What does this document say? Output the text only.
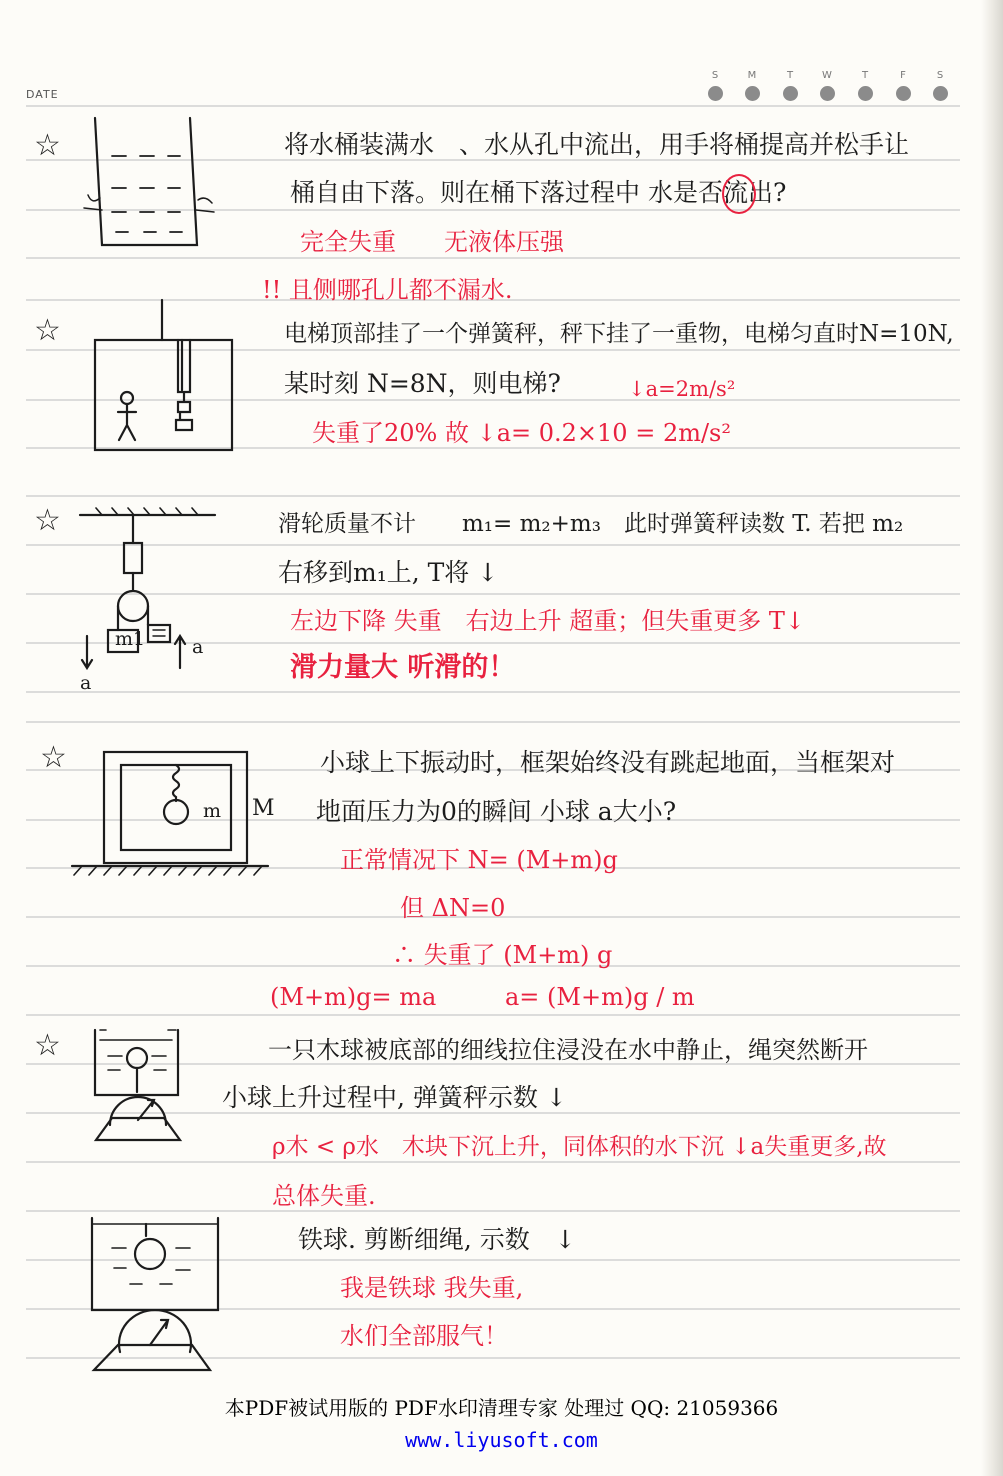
DATE
S	M	T	W	T	F	S
☆
☆
☆
☆
☆
将水桶装满水　、水从孔中流出，用手将桶提高并松手让
桶自由下落。则在桶下落过程中 水是否流出?
完全失重　　无液体压强
!! 且侧哪孔儿都不漏水.
电梯顶部挂了一个弹簧秤，秤下挂了一重物，电梯匀直时N=10N,
某时刻 N=8N，则电梯?	↓a=2m/s²
失重了20% 故 ↓a= 0.2×10 = 2m/s²
滑轮质量不计　　m₁= m₂+m₃　此时弹簧秤读数 T. 若把 m₂
右移到m₁上, T将 ↓
左边下降 失重　右边上升 超重；但失重更多 T↓
滑力量大 听滑的！
m1 a
a
小球上下振动时，框架始终没有跳起地面，当框架对
地面压力为0的瞬间 小球 a大小?
m M
正常情况下 N= (M+m)g
但 ΔN=0
∴ 失重了 (M+m) g
(M+m)g= ma	a= (M+m)g / m
一只木球被底部的细线拉住浸没在水中静止，绳突然断开
小球上升过程中, 弹簧秤示数 ↓
ρ木 < ρ水　木块下沉上升，同体积的水下沉 ↓a失重更多,故
总体失重.
铁球. 剪断细绳, 示数　↓
我是铁球 我失重,
水们全部服气！
本PDF被试用版的 PDF水印清理专家 处理过 QQ: 21059366
www.liyusoft.com
